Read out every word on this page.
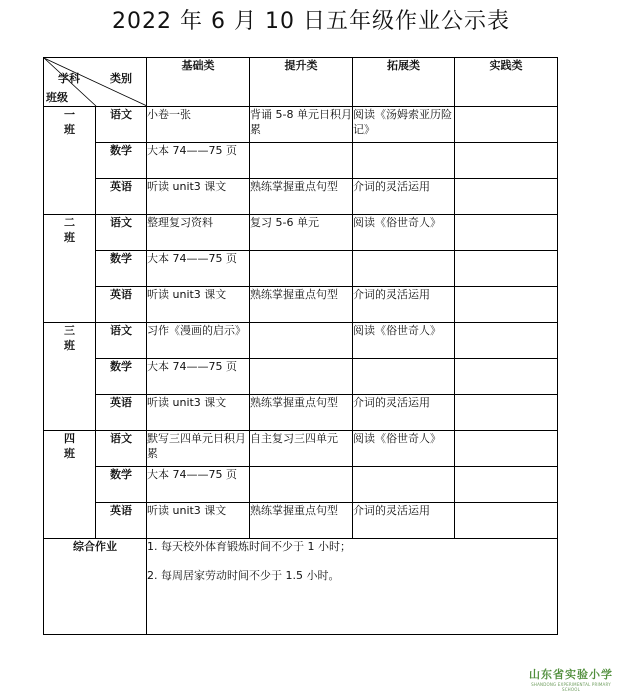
2022 年 6 月 10 日五年级作业公示表
学科 类别
班级		基础类	提升类	拓展类	实践类
一
班	语文	小卷一张	背诵 5-8 单元日积月累	阅读《汤姆索亚历险记》	
	数学	大本 74——75 页			
	英语	听读 unit3 课文	熟练掌握重点句型	介词的灵活运用	
二
班	语文	整理复习资料	复习 5-6 单元	阅读《俗世奇人》	
	数学	大本 74——75 页			
	英语	听读 unit3 课文	熟练掌握重点句型	介词的灵活运用	
三
班	语文	习作《漫画的启示》		阅读《俗世奇人》	
	数学	大本 74——75 页			
	英语	听读 unit3 课文	熟练掌握重点句型	介词的灵活运用	
四
班	语文	默写三四单元日积月累	自主复习三四单元	阅读《俗世奇人》	
	数学	大本 74——75 页			
	英语	听读 unit3 课文	熟练掌握重点句型	介词的灵活运用	
综合作业		1. 每天校外体育锻炼时间不少于 1 小时；
2. 每周居家劳动时间不少于 1.5 小时。			
山东省实验小学
SHANDONG EXPERIMENTAL PRIMARY SCHOOL
